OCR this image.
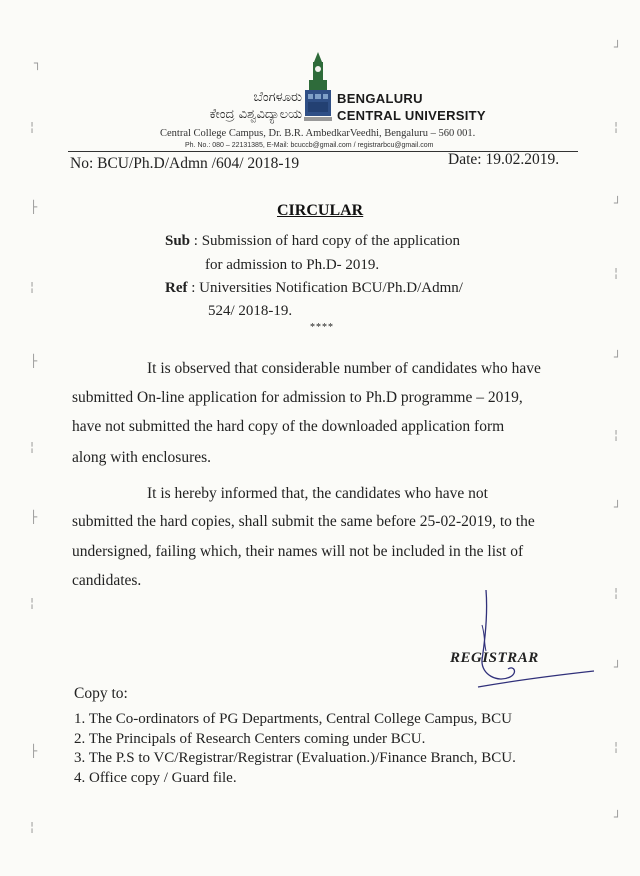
ಬೆಂಗಳೂರು
ಕೇಂದ್ರ ವಿಶ್ವವಿದ್ಯಾಲಯ
BENGALURU
CENTRAL UNIVERSITY
Central College Campus, Dr. B.R. AmbedkarVeedhi, Bengaluru – 560 001.
Ph. No.: 080 – 22131385, E-Mail: bcuccb@gmail.com / registrarbcu@gmail.com
No: BCU/Ph.D/Admn /604/ 2018-19	Date: 19.02.2019.
CIRCULAR
Sub : Submission of hard copy of the application
for admission to Ph.D- 2019.
Ref : Universities Notification BCU/Ph.D/Admn/
524/ 2018-19.
****
It is observed that considerable number of candidates who have
submitted On-line application for admission to Ph.D programme – 2019,
have not submitted the hard copy of the downloaded application form
along with enclosures.
It is hereby informed that, the candidates who have not
submitted the hard copies, shall submit the same before 25-02-2019, to the
undersigned, failing which, their names will not be included in the list of
candidates.
REGISTRAR
Copy to:
1. The Co-ordinators of PG Departments, Central College Campus, BCU
2. The Principals of Research Centers coming under BCU.
3. The P.S to VC/Registrar/Registrar (Evaluation.)/Finance Branch, BCU.
4. Office copy / Guard file.
┐
¦
├
¦
├
¦
├
¦
├
¦
┘
¦
┘
¦
┘
¦
┘
¦
┘
¦
┘
